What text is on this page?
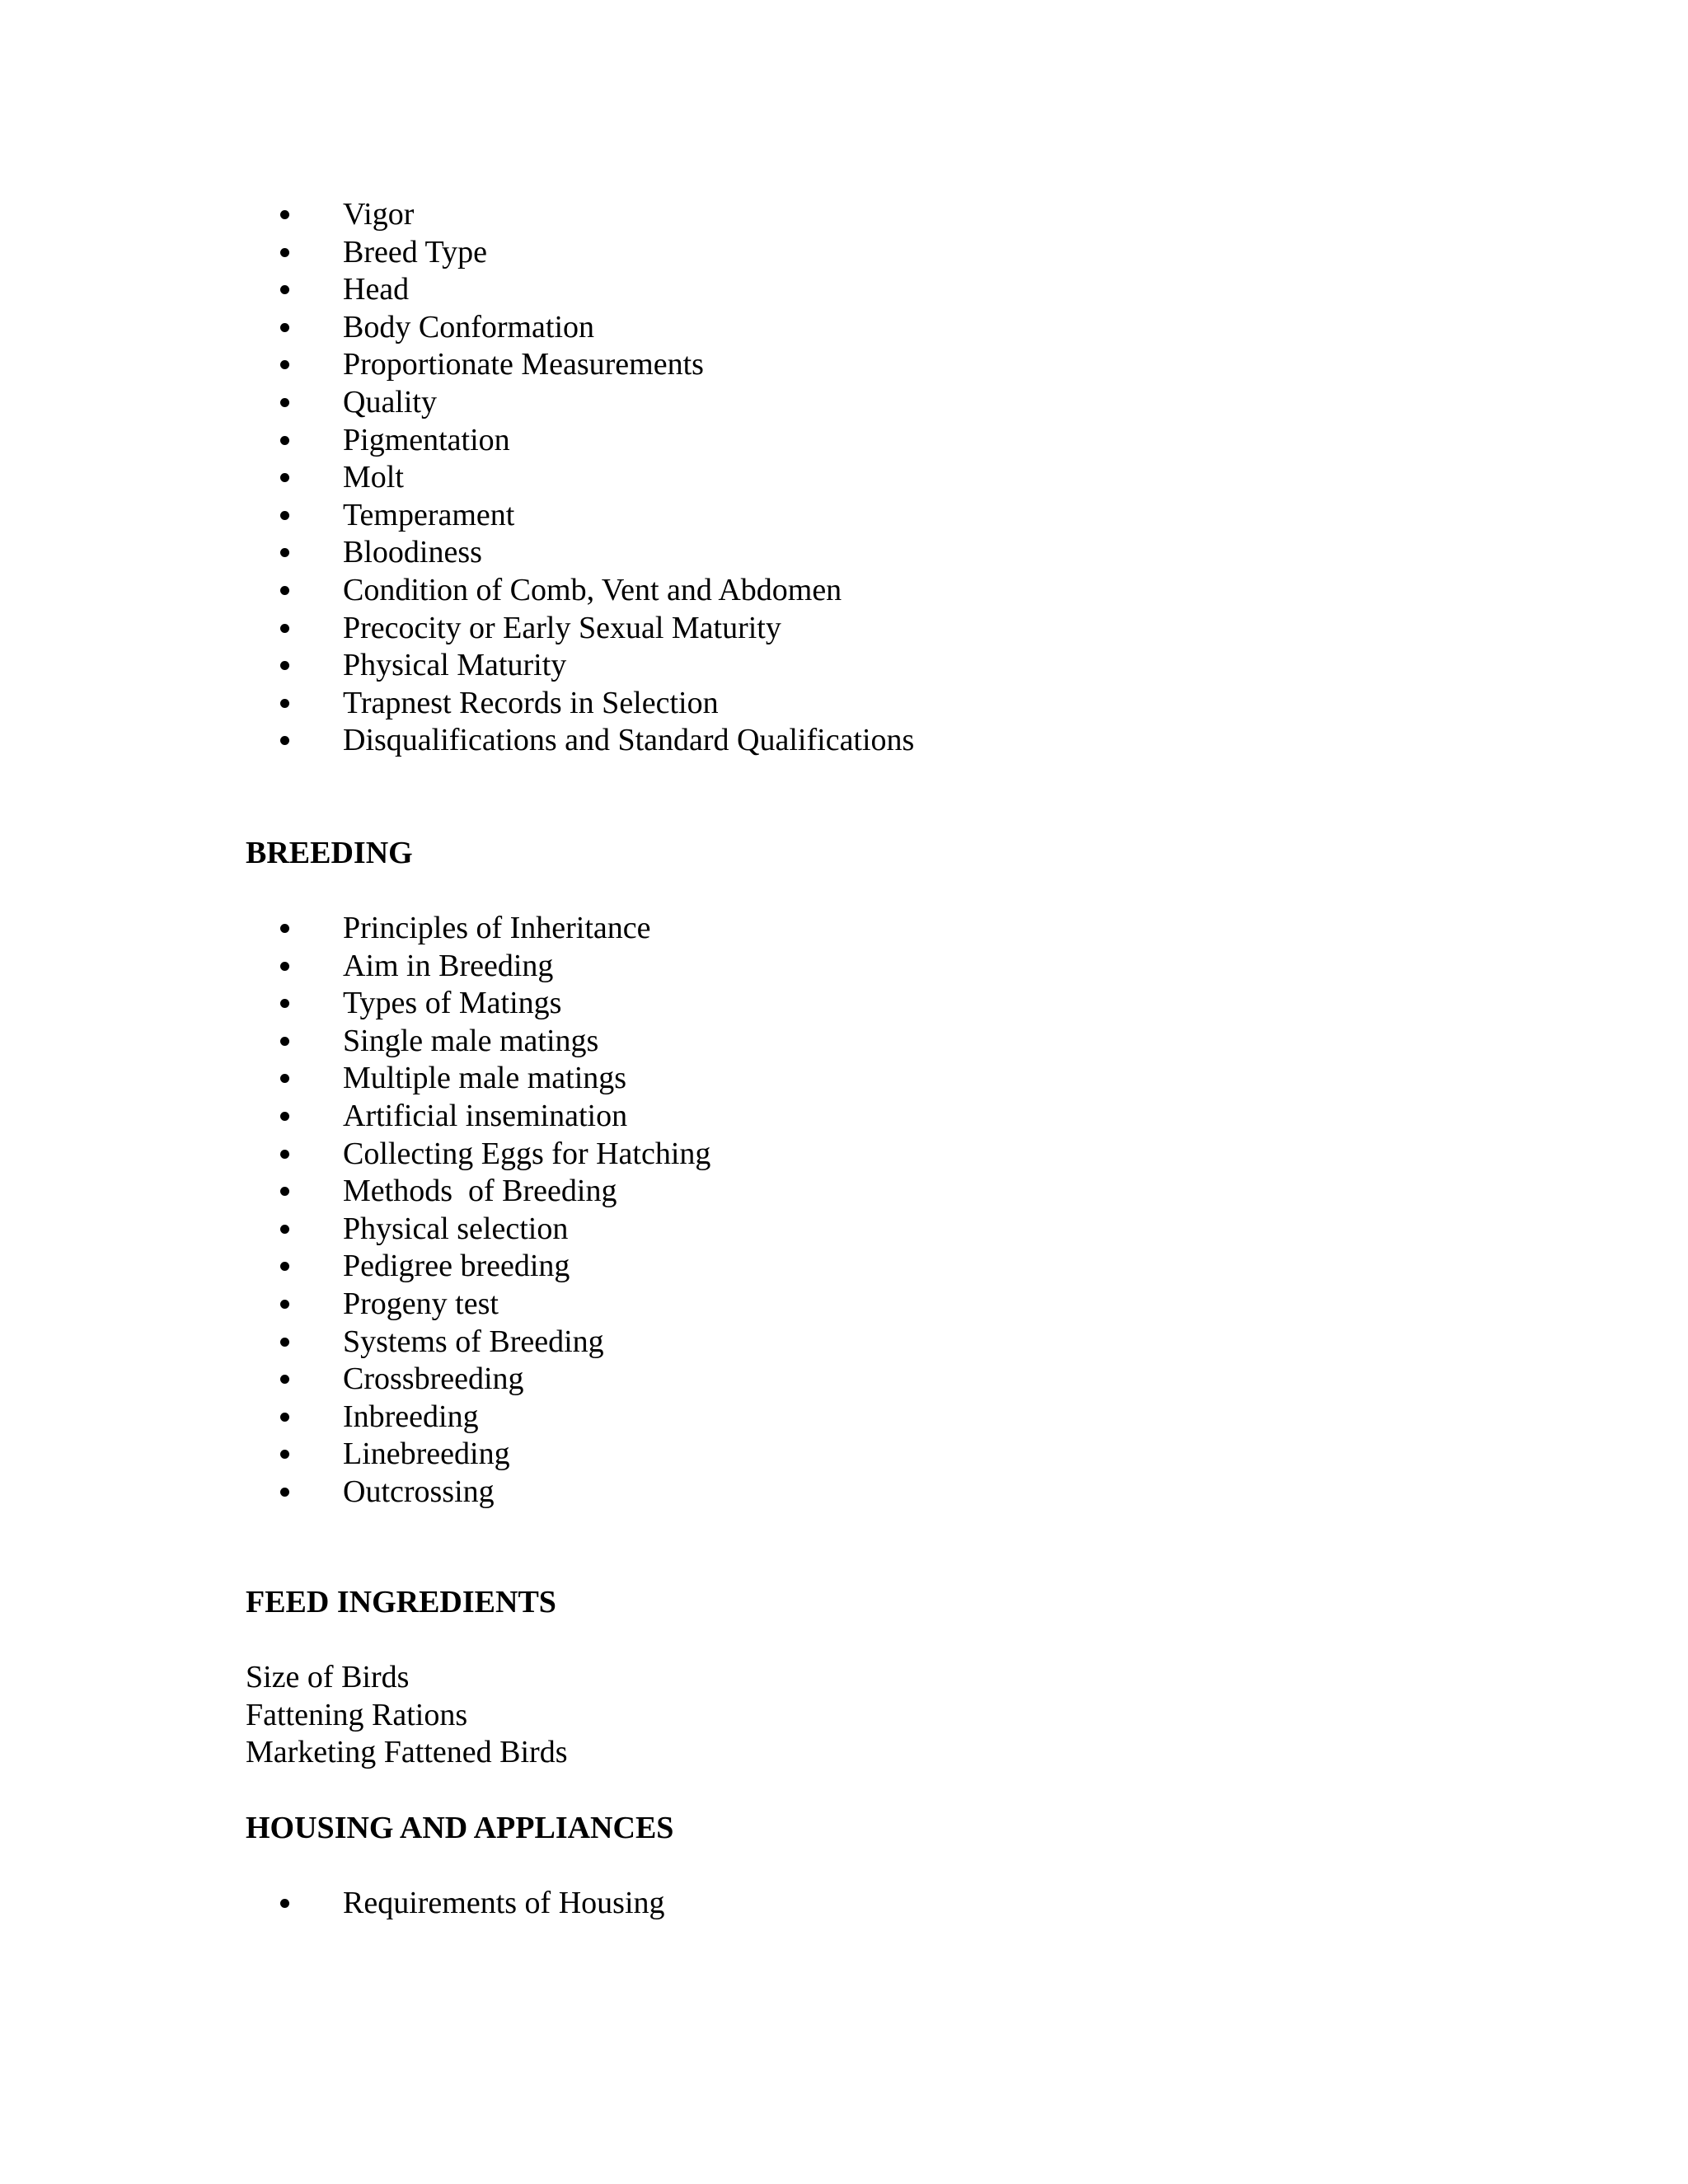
Vigor
Breed Type
Head
Body Conformation
Proportionate Measurements
Quality
Pigmentation
Molt
Temperament
Bloodiness
Condition of Comb, Vent and Abdomen
Precocity or Early Sexual Maturity
Physical Maturity
Trapnest Records in Selection
Disqualifications and Standard Qualifications
BREEDING
Principles of Inheritance
Aim in Breeding
Types of Matings
Single male matings
Multiple male matings
Artificial insemination
Collecting Eggs for Hatching
Methods  of Breeding
Physical selection
Pedigree breeding
Progeny test
Systems of Breeding
Crossbreeding
Inbreeding
Linebreeding
Outcrossing
FEED INGREDIENTS
Size of Birds
Fattening Rations
Marketing Fattened Birds
HOUSING AND APPLIANCES
Requirements of Housing
